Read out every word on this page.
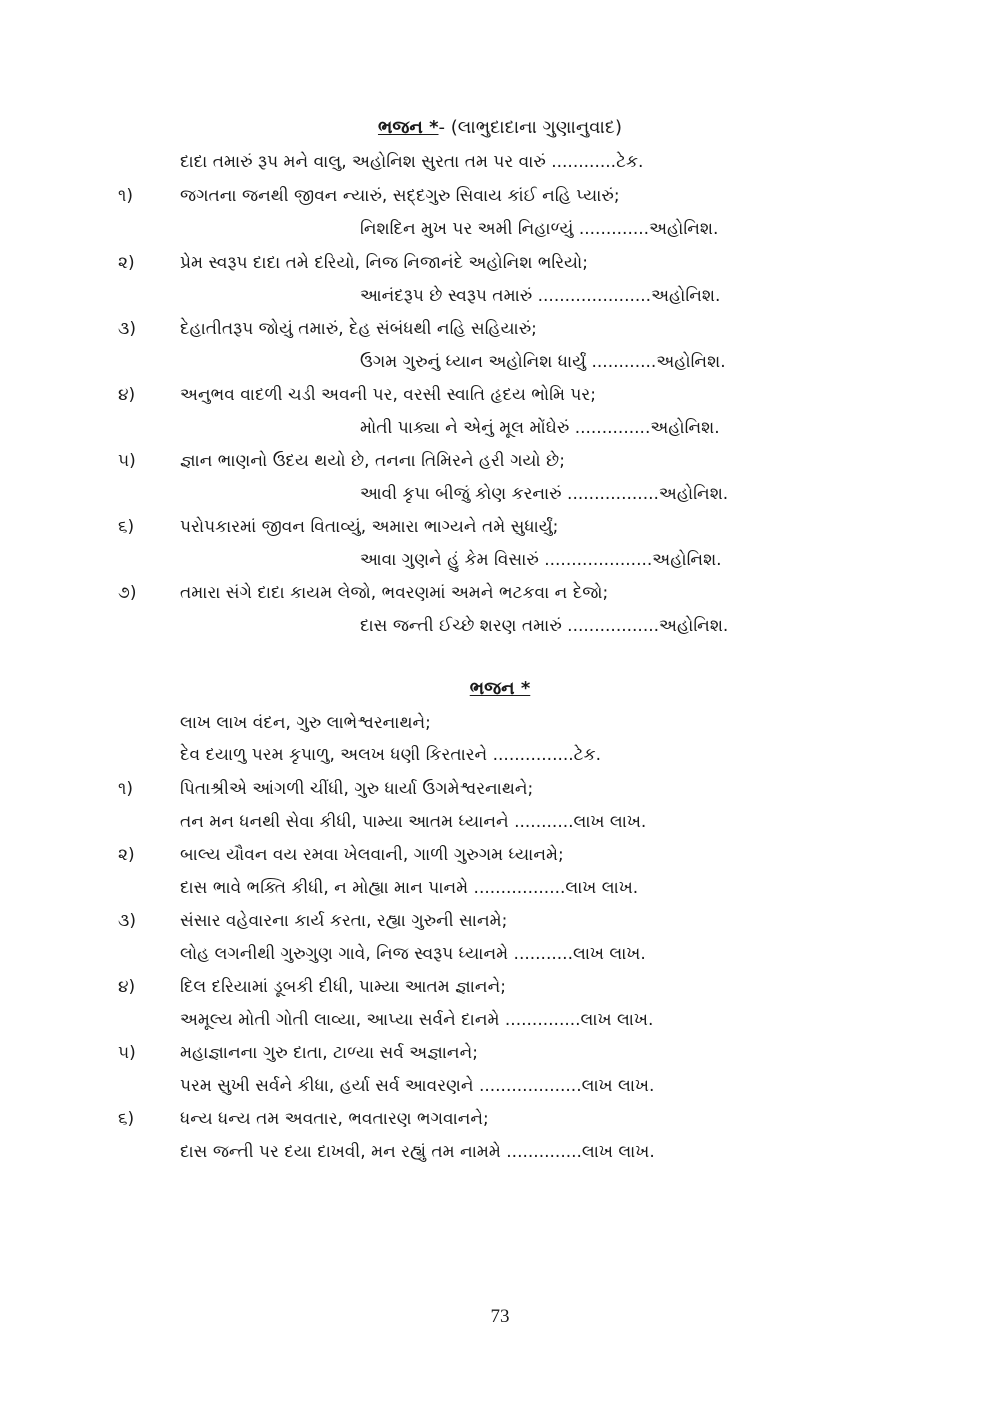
ભજન *- (લાભુદાદાના ગુણાનુવાદ)
દાદા તમારું રૂપ મને વાલુ, અહોનિશ સુરતા તમ પર વારું ............ટેક.
૧)	જગતના જનથી જીવન ન્યારું, સદ્દગુરુ સિવાય કાંઈ નહિ પ્યારું;
નિશદિન મુખ પર અમી નિહાળ્યું .............અહોનિશ.
૨)	પ્રેમ સ્વરૂપ દાદા તમે દરિયો, નિજ નિજાનંદે અહોનિશ ભરિયો;
આનંદરૂપ છે સ્વરૂપ તમારું .....................અહોનિશ.
૩)	દેહાતીતરૂપ જોયું તમારું, દેહ સંબંધથી નહિ સહિયારું;
ઉગમ ગુરુનું ધ્યાન અહોનિશ ધાર્યું ............અહોનિશ.
૪)	અનુભવ વાદળી ચડી અવની પર, વરસી સ્વાતિ હૃદય ભોમિ પર;
મોતી પાક્યા ને એનું મૂલ મોંઘેરું ..............અહોનિશ.
૫)	જ્ઞાન ભાણનો ઉદય થયો છે, તનના તિમિરને હરી ગયો છે;
આવી કૃપા બીજું કોણ કરનારું .................અહોનિશ.
૬)	પરોપકારમાં જીવન વિતાવ્યું, અમારા ભાગ્યને તમે સુધાર્યું;
આવા ગુણને હું કેમ વિસારું ....................અહોનિશ.
૭)	તમારા સંગે દાદા કાયમ લેજો, ભવરણમાં અમને ભટકવા ન દેજો;
દાસ જન્તી ઈચ્છે શરણ તમારું .................અહોનિશ.
ભજન *
લાખ લાખ વંદન, ગુરુ લાભેશ્વરનાથને;
દેવ દયાળુ પરમ કૃપાળુ, અલખ ધણી કિરતારને ...............ટેક.
૧)	પિતાશ્રીએ આંગળી ચીંધી, ગુરુ ધાર્યા ઉગમેશ્વરનાથને;
તન મન ધનથી સેવા કીધી, પામ્યા આતમ ધ્યાનને ...........લાખ લાખ.
૨)	બાલ્ય યૌવન વય રમવા ખેલવાની, ગાળી ગુરુગમ ધ્યાનમે;
દાસ ભાવે ભક્તિ કીધી, ન મોહ્યા માન પાનમે .................લાખ લાખ.
૩)	સંસાર વહેવારના કાર્ય કરતા, રહ્યા ગુરુની સાનમે;
લોહ લગનીથી ગુરુગુણ ગાવે, નિજ સ્વરૂપ ધ્યાનમે ...........લાખ લાખ.
૪)	દિલ દરિયામાં ડૂબકી દીધી, પામ્યા આતમ જ્ઞાનને;
અમૂલ્ય મોતી ગોતી લાવ્યા, આપ્યા સર્વને દાનમે ..............લાખ લાખ.
૫)	મહાજ્ઞાનના ગુરુ દાતા, ટાળ્યા સર્વ અજ્ઞાનને;
પરમ સુખી સર્વને કીધા, હર્યા સર્વ આવરણને ...................લાખ લાખ.
૬)	ધન્ય ધન્ય તમ અવતાર, ભવતારણ ભગવાનને;
દાસ જન્તી પર દયા દાખવી, મન રહ્યું તમ નામમે ..............લાખ લાખ.
73
